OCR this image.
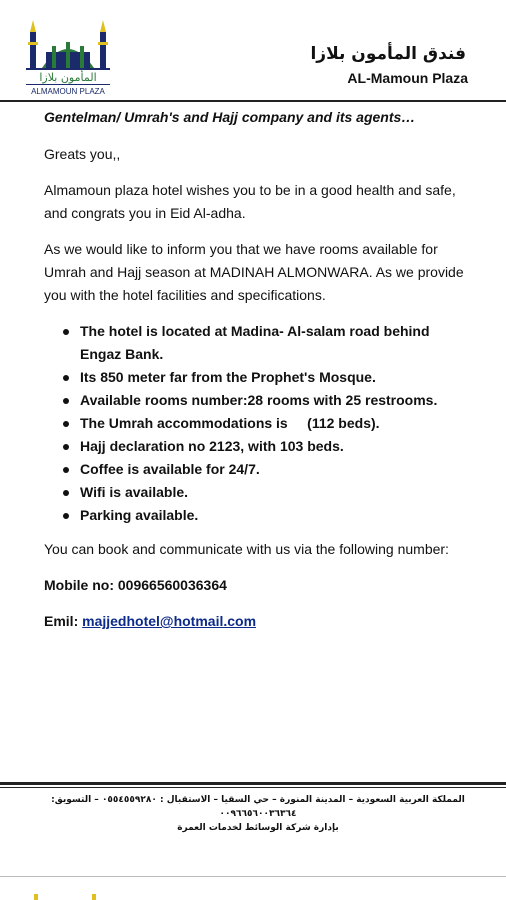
المأمون بلازا
ALMAMOUN PLAZA
فندق المأمون بلازا
AL-Mamoun Plaza

Gentelman/ Umrah's and Hajj company and its agents…

Greats you,,

Almamoun plaza hotel wishes you to be in a good health and safe, and congrats you in Eid Al-adha.

As we would like to inform you that we have rooms available for Umrah and Hajj season at MADINAH ALMONWARA. As we provide you with the hotel facilities and specifications.

The hotel is located at Madina- Al-salam road behind Engaz Bank.
Its 850 meter far from the Prophet's Mosque.
Available rooms number:28 rooms with 25 restrooms.
The Umrah accommodations is     (112 beds).
Hajj declaration no 2123, with 103 beds.
Coffee is available for 24/7.
Wifi is available.
Parking available.

You can book and communicate with us via the following number:

Mobile no: 00966560036364

Emil: majjedhotel@hotmail.com

المملكة العربية السعودية – المدينة المنورة – حي السقيا – الاستقبال : ٠٥٥٤٥٥٩٢٨٠ – التسويق: ٠٠٩٦٦٥٦٠٠٣٦٣٦٤
بإدارة شركة الوسائط لخدمات العمرة
